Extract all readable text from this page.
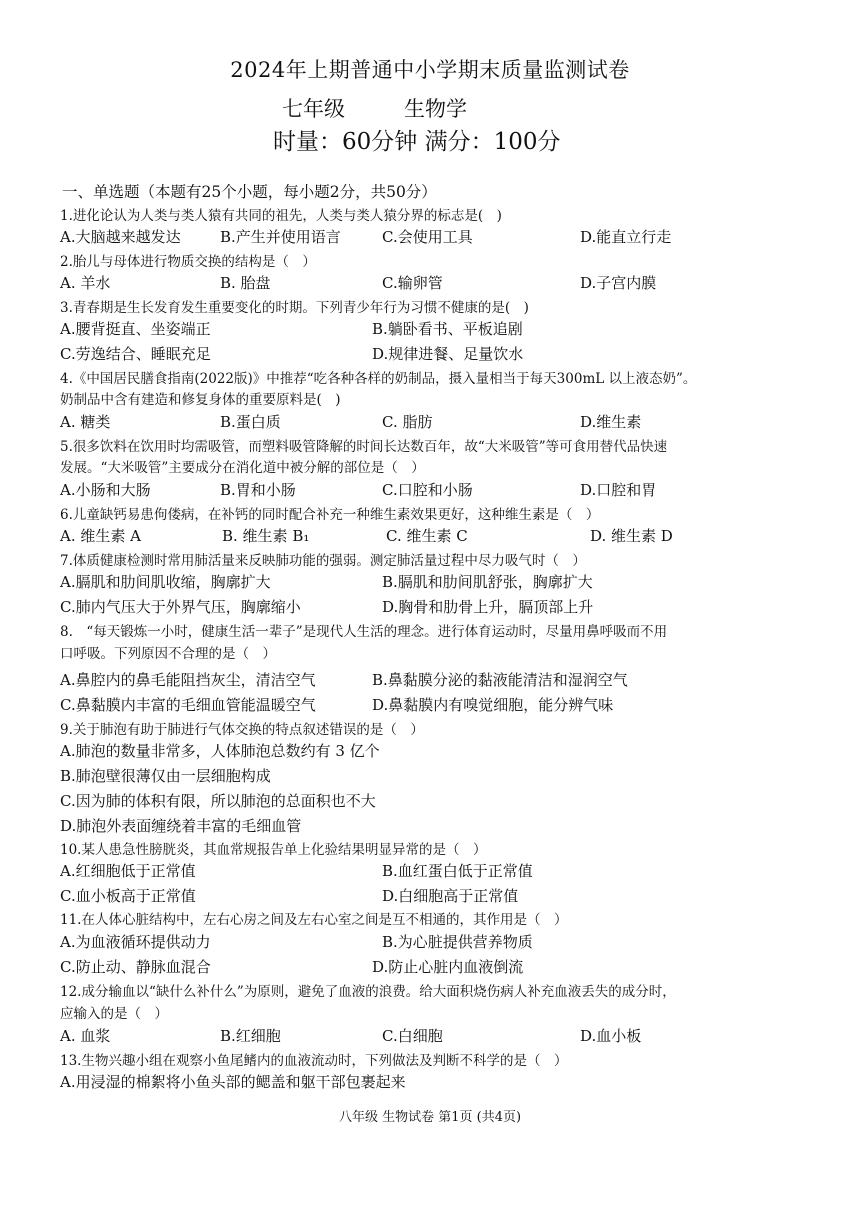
2024年上期普通中小学期末质量监测试卷
七年级	生物学
时量：60分钟 满分：100分
一、单选题（本题有25个小题，每小题2分，共50分）
1.进化论认为人类与类人猿有共同的祖先，人类与类人猿分界的标志是(　)
A.大脑越来越发达	B.产生并使用语言	C.会使用工具	D.能直立行走
2.胎儿与母体进行物质交换的结构是（　）
A. 羊水	B. 胎盘	C.输卵管	D.子宫内膜
3.青春期是生长发育发生重要变化的时期。下列青少年行为习惯不健康的是(　)
A.腰背挺直、坐姿端正	B.躺卧看书、平板追剧
C.劳逸结合、睡眠充足	D.规律进餐、足量饮水
4.《中国居民膳食指南(2022版)》中推荐“吃各种各样的奶制品，摄入量相当于每天300mL 以上液态奶”。
奶制品中含有建造和修复身体的重要原料是(　)
A. 糖类	B.蛋白质	C. 脂肪	D.维生素
5.很多饮料在饮用时均需吸管，而塑料吸管降解的时间长达数百年，故“大米吸管”等可食用替代品快速
发展。“大米吸管”主要成分在消化道中被分解的部位是（　）
A.小肠和大肠	B.胃和小肠	C.口腔和小肠	D.口腔和胃
6.儿童缺钙易患佝偻病，在补钙的同时配合补充一种维生素效果更好，这种维生素是（　）
A. 维生素 A	B. 维生素 B₁	C. 维生素 C	D. 维生素 D
7.体质健康检测时常用肺活量来反映肺功能的强弱。测定肺活量过程中尽力吸气时（　）
A.膈肌和肋间肌收缩，胸廓扩大	B.膈肌和肋间肌舒张，胸廓扩大
C.肺内气压大于外界气压，胸廓缩小	D.胸骨和肋骨上升，膈顶部上升
8.　“每天锻炼一小时，健康生活一辈子”是现代人生活的理念。进行体育运动时，尽量用鼻呼吸而不用
口呼吸。下列原因不合理的是（　）
A.鼻腔内的鼻毛能阻挡灰尘，清洁空气	B.鼻黏膜分泌的黏液能清洁和湿润空气
C.鼻黏膜内丰富的毛细血管能温暖空气	D.鼻黏膜内有嗅觉细胞，能分辨气味
9.关于肺泡有助于肺进行气体交换的特点叙述错误的是（　）
A.肺泡的数量非常多，人体肺泡总数约有 3 亿个
B.肺泡壁很薄仅由一层细胞构成
C.因为肺的体积有限，所以肺泡的总面积也不大
D.肺泡外表面缠绕着丰富的毛细血管
10.某人患急性膀胱炎，其血常规报告单上化验结果明显异常的是（　）
A.红细胞低于正常值	B.血红蛋白低于正常值
C.血小板高于正常值	D.白细胞高于正常值
11.在人体心脏结构中，左右心房之间及左右心室之间是互不相通的，其作用是（　）
A.为血液循环提供动力	B.为心脏提供营养物质
C.防止动、静脉血混合	D.防止心脏内血液倒流
12.成分输血以“缺什么补什么”为原则，避免了血液的浪费。给大面积烧伤病人补充血液丢失的成分时，
应输入的是（　）
A. 血浆	B.红细胞	C.白细胞	D.血小板
13.生物兴趣小组在观察小鱼尾鳍内的血液流动时，下列做法及判断不科学的是（　）
A.用浸湿的棉絮将小鱼头部的鳃盖和躯干部包裹起来
八年级 生物试卷 第1页 (共4页)
